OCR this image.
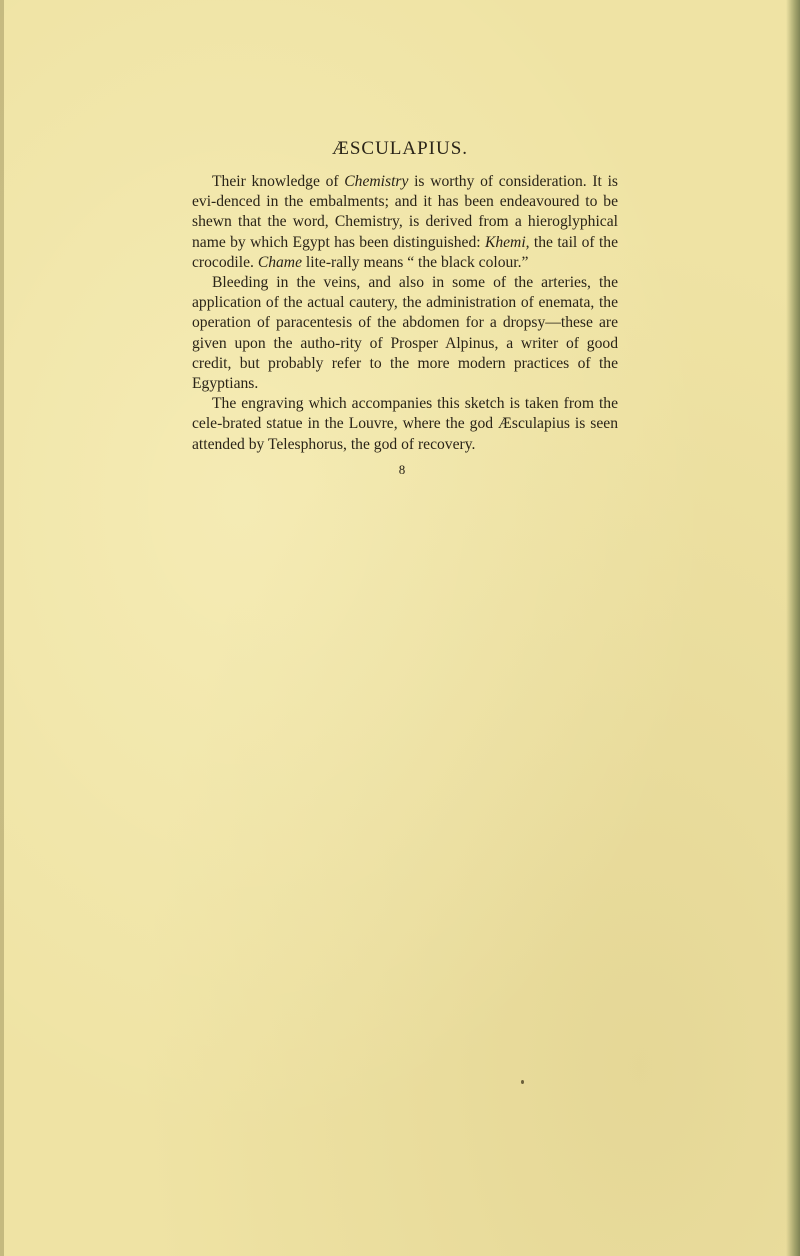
ÆSCULAPIUS.

Their knowledge of Chemistry is worthy of consideration. It is evi-denced in the embalments; and it has been endeavoured to be shewn that the word, Chemistry, is derived from a hieroglyphical name by which Egypt has been distinguished: Khemi, the tail of the crocodile. Chame lite-rally means “ the black colour.”

Bleeding in the veins, and also in some of the arteries, the application of the actual cautery, the administration of enemata, the operation of paracentesis of the abdomen for a dropsy—these are given upon the autho-rity of Prosper Alpinus, a writer of good credit, but probably refer to the more modern practices of the Egyptians.

The engraving which accompanies this sketch is taken from the cele-brated statue in the Louvre, where the god Æsculapius is seen attended by Telesphorus, the god of recovery.

8
